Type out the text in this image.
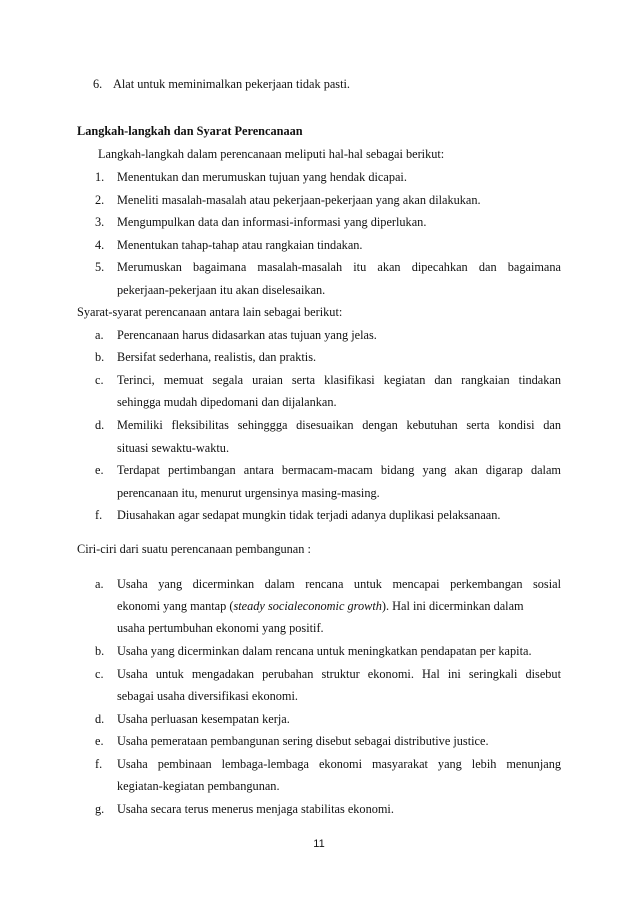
6. Alat untuk meminimalkan pekerjaan tidak pasti.
Langkah-langkah dan Syarat Perencanaan
Langkah-langkah dalam perencanaan meliputi hal-hal sebagai berikut:
1. Menentukan dan merumuskan tujuan yang hendak dicapai.
2. Meneliti masalah-masalah atau pekerjaan-pekerjaan yang akan dilakukan.
3. Mengumpulkan data dan informasi-informasi yang diperlukan.
4. Menentukan tahap-tahap atau rangkaian tindakan.
5. Merumuskan bagaimana masalah-masalah itu akan dipecahkan dan bagaimana
pekerjaan-pekerjaan itu akan diselesaikan.
Syarat-syarat perencanaan antara lain sebagai berikut:
a. Perencanaan harus didasarkan atas tujuan yang jelas.
b. Bersifat sederhana, realistis, dan praktis.
c. Terinci, memuat segala uraian serta klasifikasi kegiatan dan rangkaian tindakan
sehingga mudah dipedomani dan dijalankan.
d. Memiliki fleksibilitas sehinggga disesuaikan dengan kebutuhan serta kondisi dan
situasi sewaktu-waktu.
e. Terdapat pertimbangan antara bermacam-macam bidang yang akan digarap dalam
perencanaan itu, menurut urgensinya masing-masing.
f. Diusahakan agar sedapat mungkin tidak terjadi adanya duplikasi pelaksanaan.
Ciri-ciri dari suatu perencanaan pembangunan :
a. Usaha yang dicerminkan dalam rencana untuk mencapai perkembangan sosial
ekonomi yang mantap (steady socialeconomic growth). Hal ini dicerminkan dalam
usaha pertumbuhan ekonomi yang positif.
b. Usaha yang dicerminkan dalam rencana untuk meningkatkan pendapatan per kapita.
c. Usaha untuk mengadakan perubahan struktur ekonomi. Hal ini seringkali disebut
sebagai usaha diversifikasi ekonomi.
d. Usaha perluasan kesempatan kerja.
e. Usaha pemerataan pembangunan sering disebut sebagai distributive justice.
f. Usaha pembinaan lembaga-lembaga ekonomi masyarakat yang lebih menunjang
kegiatan-kegiatan pembangunan.
g. Usaha secara terus menerus menjaga stabilitas ekonomi.
11
